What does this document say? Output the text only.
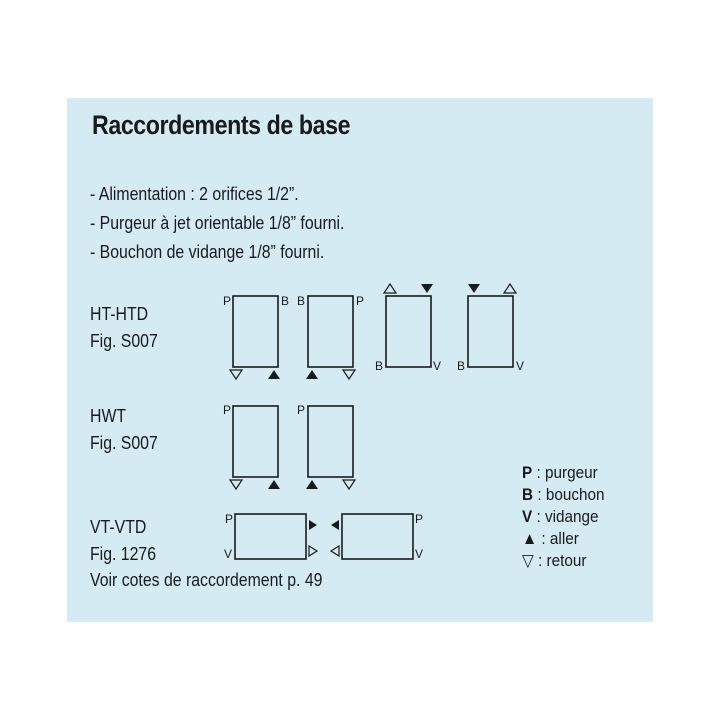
Raccordements de base
- Alimentation : 2 orifices 1/2”.
- Purgeur à jet orientable 1/8” fourni.
- Bouchon de vidange 1/8” fourni.
HT-HTD
Fig. S007
HWT
Fig. S007
VT-VTD
Fig. 1276
P	B B	P
B	V B	V
P	P
P
V
P
V
P : purgeur
B : bouchon
V : vidange
▲ : aller
▽ : retour
Voir cotes de raccordement p. 49
